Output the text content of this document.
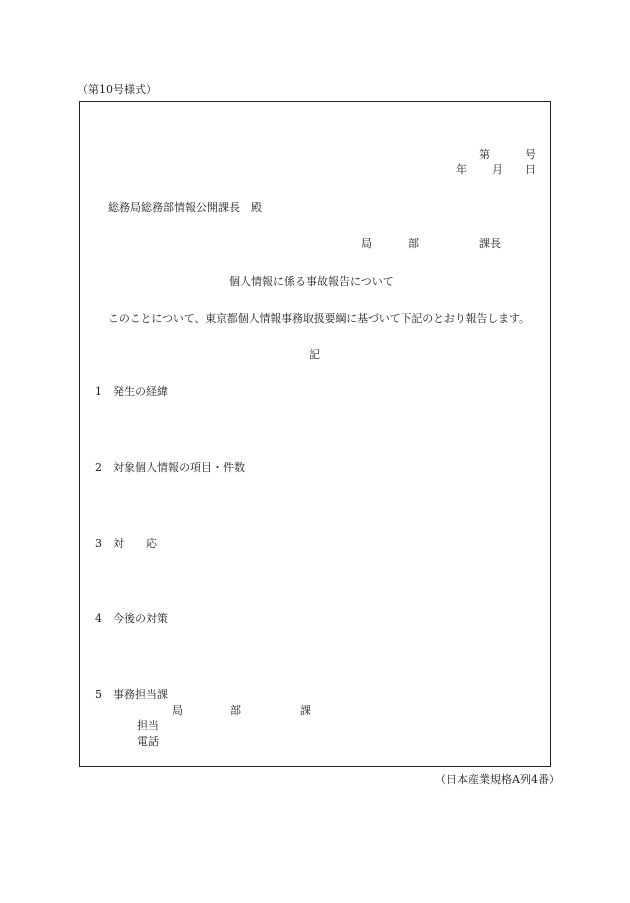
（第10号様式）
第	号
年 月 日
総務局総務部情報公開課長　殿
局	部	課長
個人情報に係る事故報告について
このことについて、東京都個人情報事務取扱要綱に基づいて下記のとおり報告します。
記
1 発生の経緯
2 対象個人情報の項目・件数
3 対　　応
4 今後の対策
5 事務担当課
局	部	課
担当
電話
（日本産業規格A列4番）
